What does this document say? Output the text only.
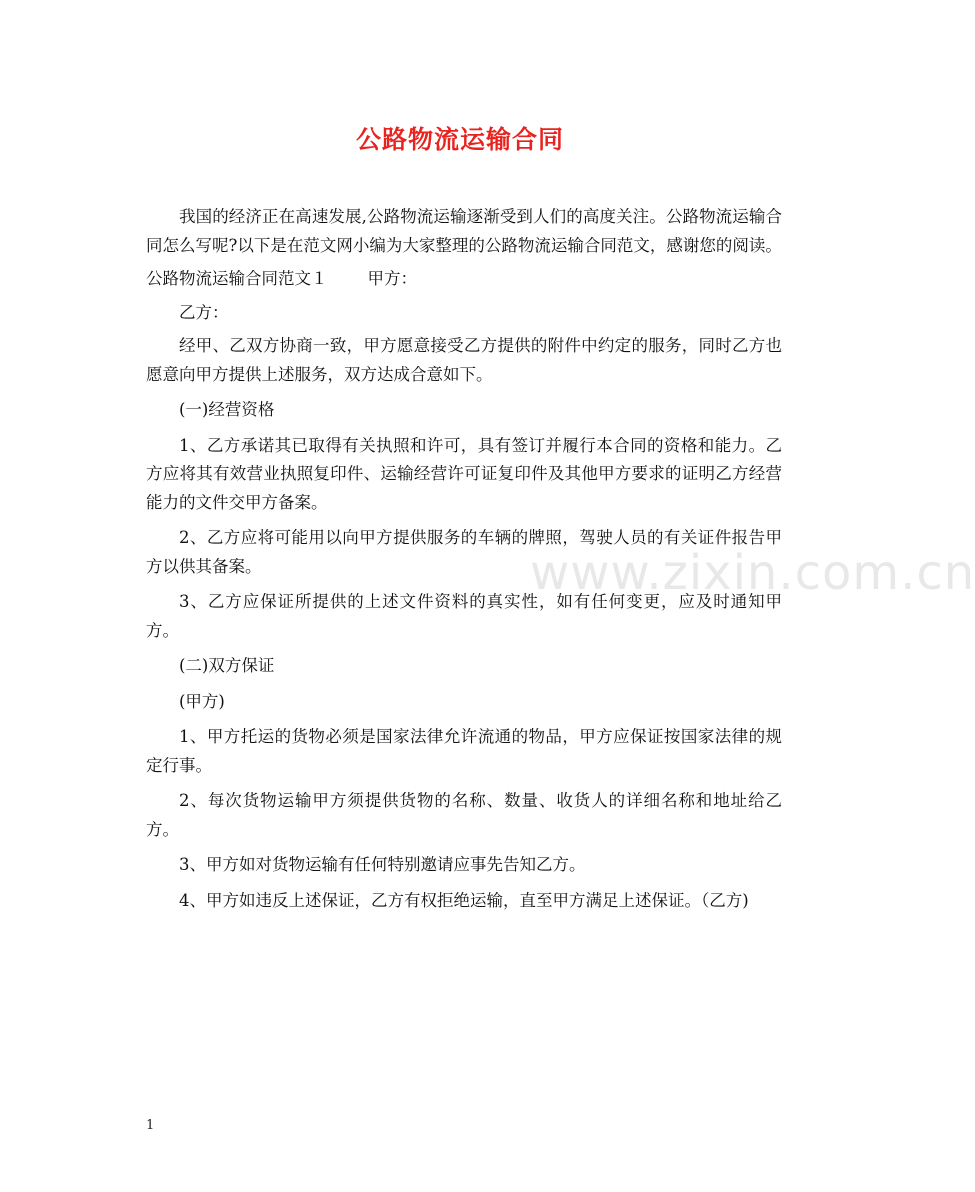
公路物流运输合同

我国的经济正在高速发展,公路物流运输逐渐受到人们的高度关注。公路物流运输合同怎么写呢?以下是在范文网小编为大家整理的公路物流运输合同范文，感谢您的阅读。

公路物流运输合同范文１ 甲方：

乙方：

经甲、乙双方协商一致，甲方愿意接受乙方提供的附件中约定的服务，同时乙方也愿意向甲方提供上述服务，双方达成合意如下。

(一)经营资格

1、乙方承诺其已取得有关执照和许可，具有签订并履行本合同的资格和能力。乙方应将其有效营业执照复印件、运输经营许可证复印件及其他甲方要求的证明乙方经营能力的文件交甲方备案。

2、乙方应将可能用以向甲方提供服务的车辆的牌照，驾驶人员的有关证件报告甲方以供其备案。

3、乙方应保证所提供的上述文件资料的真实性，如有任何变更，应及时通知甲方。

(二)双方保证

(甲方)

1、甲方托运的货物必须是国家法律允许流通的物品，甲方应保证按国家法律的规定行事。

2、每次货物运输甲方须提供货物的名称、数量、收货人的详细名称和地址给乙方。

3、甲方如对货物运输有任何特别邀请应事先告知乙方。

4、甲方如违反上述保证，乙方有权拒绝运输，直至甲方满足上述保证。（乙方)

www.zixin.com.cn
1
